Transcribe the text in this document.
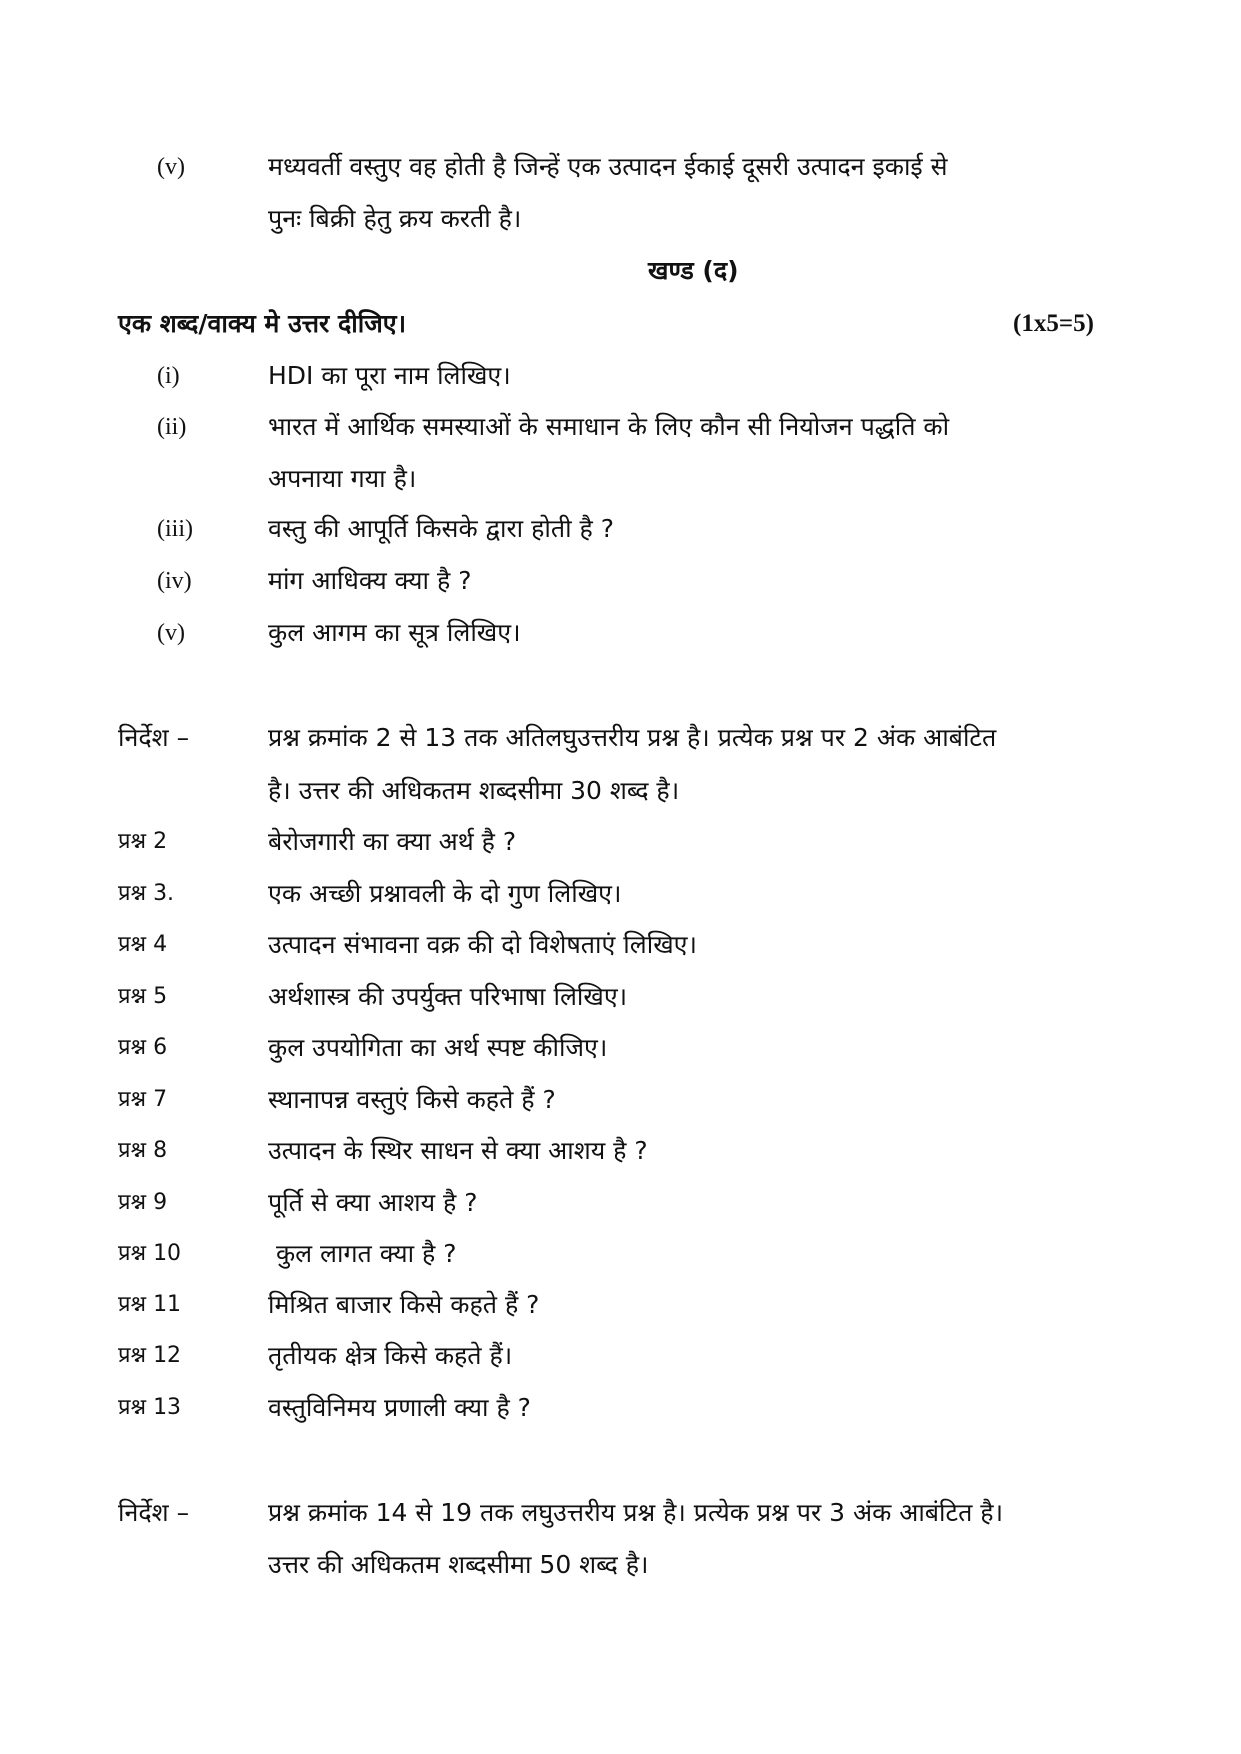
(v)	मध्यवर्ती वस्तुए वह होती है जिन्हें एक उत्पादन ईकाई दूसरी उत्पादन इकाई से
पुनः बिक्री हेतु क्रय करती है।
खण्ड (द)
एक शब्द/वाक्य मे उत्तर दीजिए।	(1x5=5)
(i)	HDI का पूरा नाम लिखिए।
(ii)	भारत में आर्थिक समस्याओं के समाधान के लिए कौन सी नियोजन पद्धति को
अपनाया गया है।
(iii)	वस्तु की आपूर्ति किसके द्वारा होती है ?
(iv)	मांग आधिक्य क्या है ?
(v)	कुल आगम का सूत्र लिखिए।
निर्देश –	प्रश्न क्रमांक 2 से 13 तक अतिलघुउत्तरीय प्रश्न है। प्रत्येक प्रश्न पर 2 अंक आबंटित
है। उत्तर की अधिकतम शब्दसीमा 30 शब्द है।
प्रश्न 2	बेरोजगारी का क्या अर्थ है ?
प्रश्न 3.	एक अच्छी प्रश्नावली के दो गुण लिखिए।
प्रश्न 4	उत्पादन संभावना वक्र की दो विशेषताएं लिखिए।
प्रश्न 5	अर्थशास्त्र की उपर्युक्त परिभाषा लिखिए।
प्रश्न 6	कुल उपयोगिता का अर्थ स्पष्ट कीजिए।
प्रश्न 7	स्थानापन्न वस्तुएं किसे कहते हैं ?
प्रश्न 8	उत्पादन के स्थिर साधन से क्या आशय है ?
प्रश्न 9	पूर्ति से क्या आशय है ?
प्रश्न 10	कुल लागत क्या है ?
प्रश्न 11	मिश्रित बाजार किसे कहते हैं ?
प्रश्न 12	तृतीयक क्षेत्र किसे कहते हैं।
प्रश्न 13	वस्तुविनिमय प्रणाली क्या है ?
निर्देश –	प्रश्न क्रमांक 14 से 19 तक लघुउत्तरीय प्रश्न है। प्रत्येक प्रश्न पर 3 अंक आबंटित है।
उत्तर की अधिकतम शब्दसीमा 50 शब्द है।
